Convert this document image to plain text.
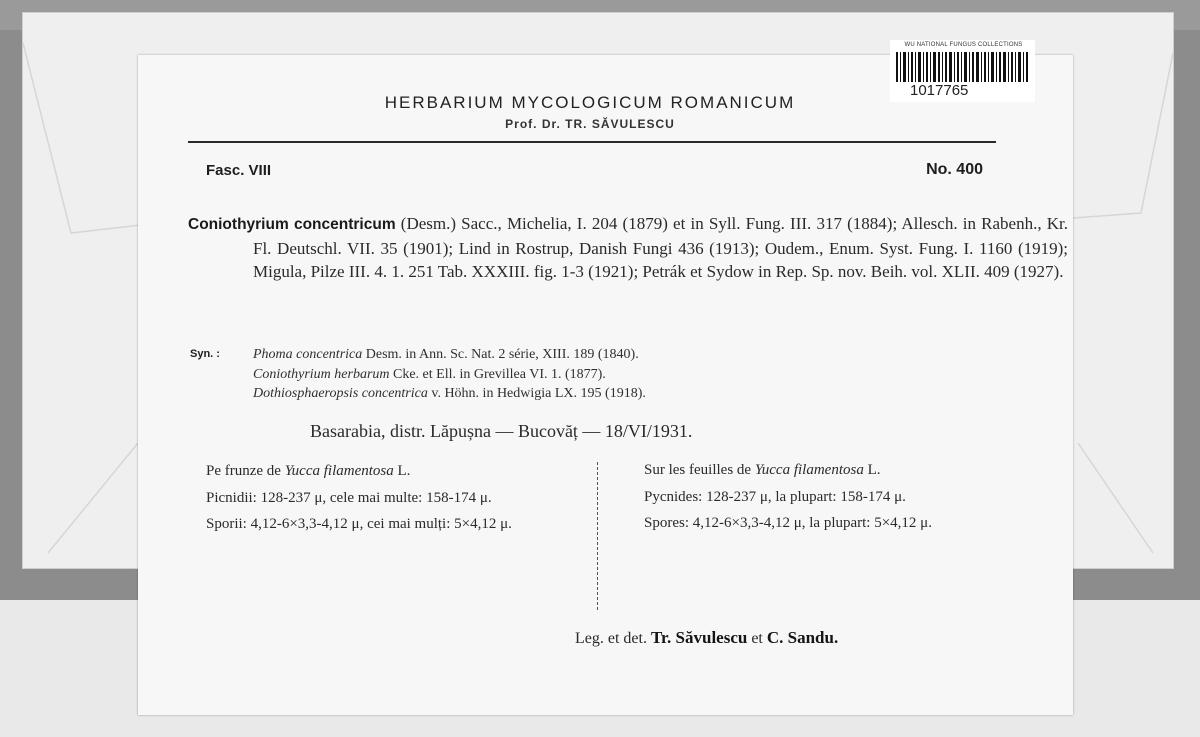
WU NATIONAL FUNGUS COLLECTIONS
1017765
HERBARIUM MYCOLOGICUM ROMANICUM
Prof. Dr. TR. SĂVULESCU
Fasc. VIII	No. 400
Coniothyrium concentricum (Desm.) Sacc., Michelia, I. 204 (1879) et in Syll. Fung. III. 317 (1884); Allesch. in Rabenh., Kr. Fl. Deutschl. VII. 35 (1901); Lind in Rostrup, Danish Fungi 436 (1913); Oudem., Enum. Syst. Fung. I. 1160 (1919); Migula, Pilze III. 4. 1. 251 Tab. XXXIII. fig. 1-3 (1921); Petrák et Sydow in Rep. Sp. nov. Beih. vol. XLII. 409 (1927).
Syn. : Phoma concentrica Desm. in Ann. Sc. Nat. 2 série, XIII. 189 (1840).
Coniothyrium herbarum Cke. et Ell. in Grevillea VI. 1. (1877).
Dothiosphaeropsis concentrica v. Höhn. in Hedwigia LX. 195 (1918).
Basarabia, distr. Lăpușna — Bucovăț — 18/VI/1931.
Pe frunze de Yucca filamentosa L.
Picnidii: 128-237 μ, cele mai multe: 158-174 μ.
Sporii: 4,12-6×3,3-4,12 μ, cei mai mulți: 5×4,12 μ.
Sur les feuilles de Yucca filamentosa L.
Pycnides: 128-237 μ, la plupart: 158-174 μ.
Spores: 4,12-6×3,3-4,12 μ, la plupart: 5×4,12 μ.
Leg. et det. Tr. Săvulescu et C. Sandu.
